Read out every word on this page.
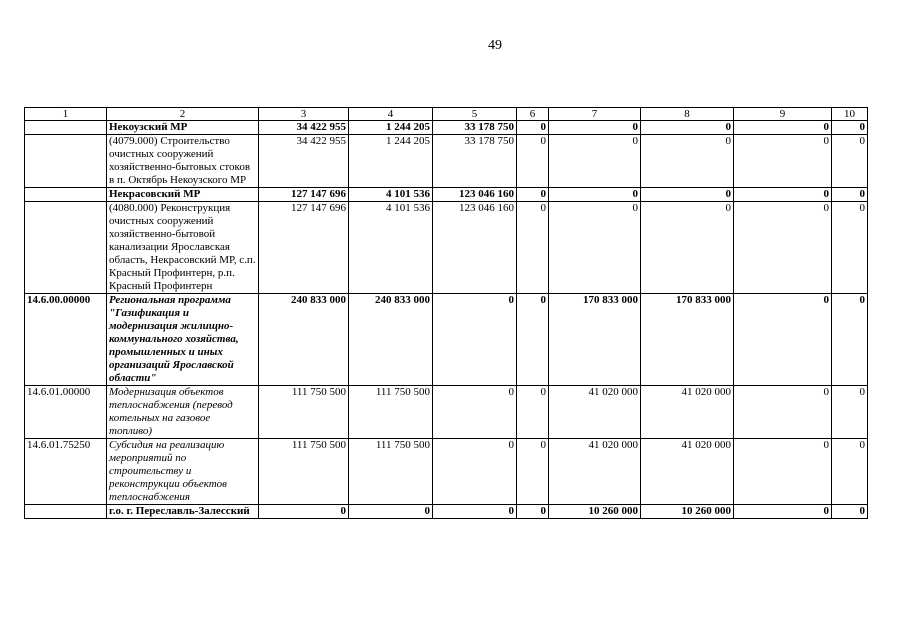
49
1	2	3	4	5	6	7	8	9	10
	Некоузский МР	34 422 955	1 244 205	33 178 750	0	0	0	0	0
	(4079.000) Строительство очистных сооружений хозяйственно-бытовых стоков в п. Октябрь Некоузского МР	34 422 955	1 244 205	33 178 750	0	0	0	0	0
	Некрасовский МР	127 147 696	4 101 536	123 046 160	0	0	0	0	0
	(4080.000) Реконструкция очистных сооружений хозяйственно-бытовой канализации Ярославская область, Некрасовский МР, с.п. Красный Профинтерн, р.п. Красный Профинтерн	127 147 696	4 101 536	123 046 160	0	0	0	0	0
14.6.00.00000	Региональная программа "Газификация и модернизация жилищно-коммунального хозяйства, промышленных и иных организаций Ярославской области"	240 833 000	240 833 000	0	0	170 833 000	170 833 000	0	0
14.6.01.00000	Модернизация объектов теплоснабжения (перевод котельных на газовое топливо)	111 750 500	111 750 500	0	0	41 020 000	41 020 000	0	0
14.6.01.75250	Субсидия на реализацию мероприятий по строительству и реконструкции объектов теплоснабжения	111 750 500	111 750 500	0	0	41 020 000	41 020 000	0	0
	г.о. г. Переславль-Залесский	0	0	0	0	10 260 000	10 260 000	0	0
